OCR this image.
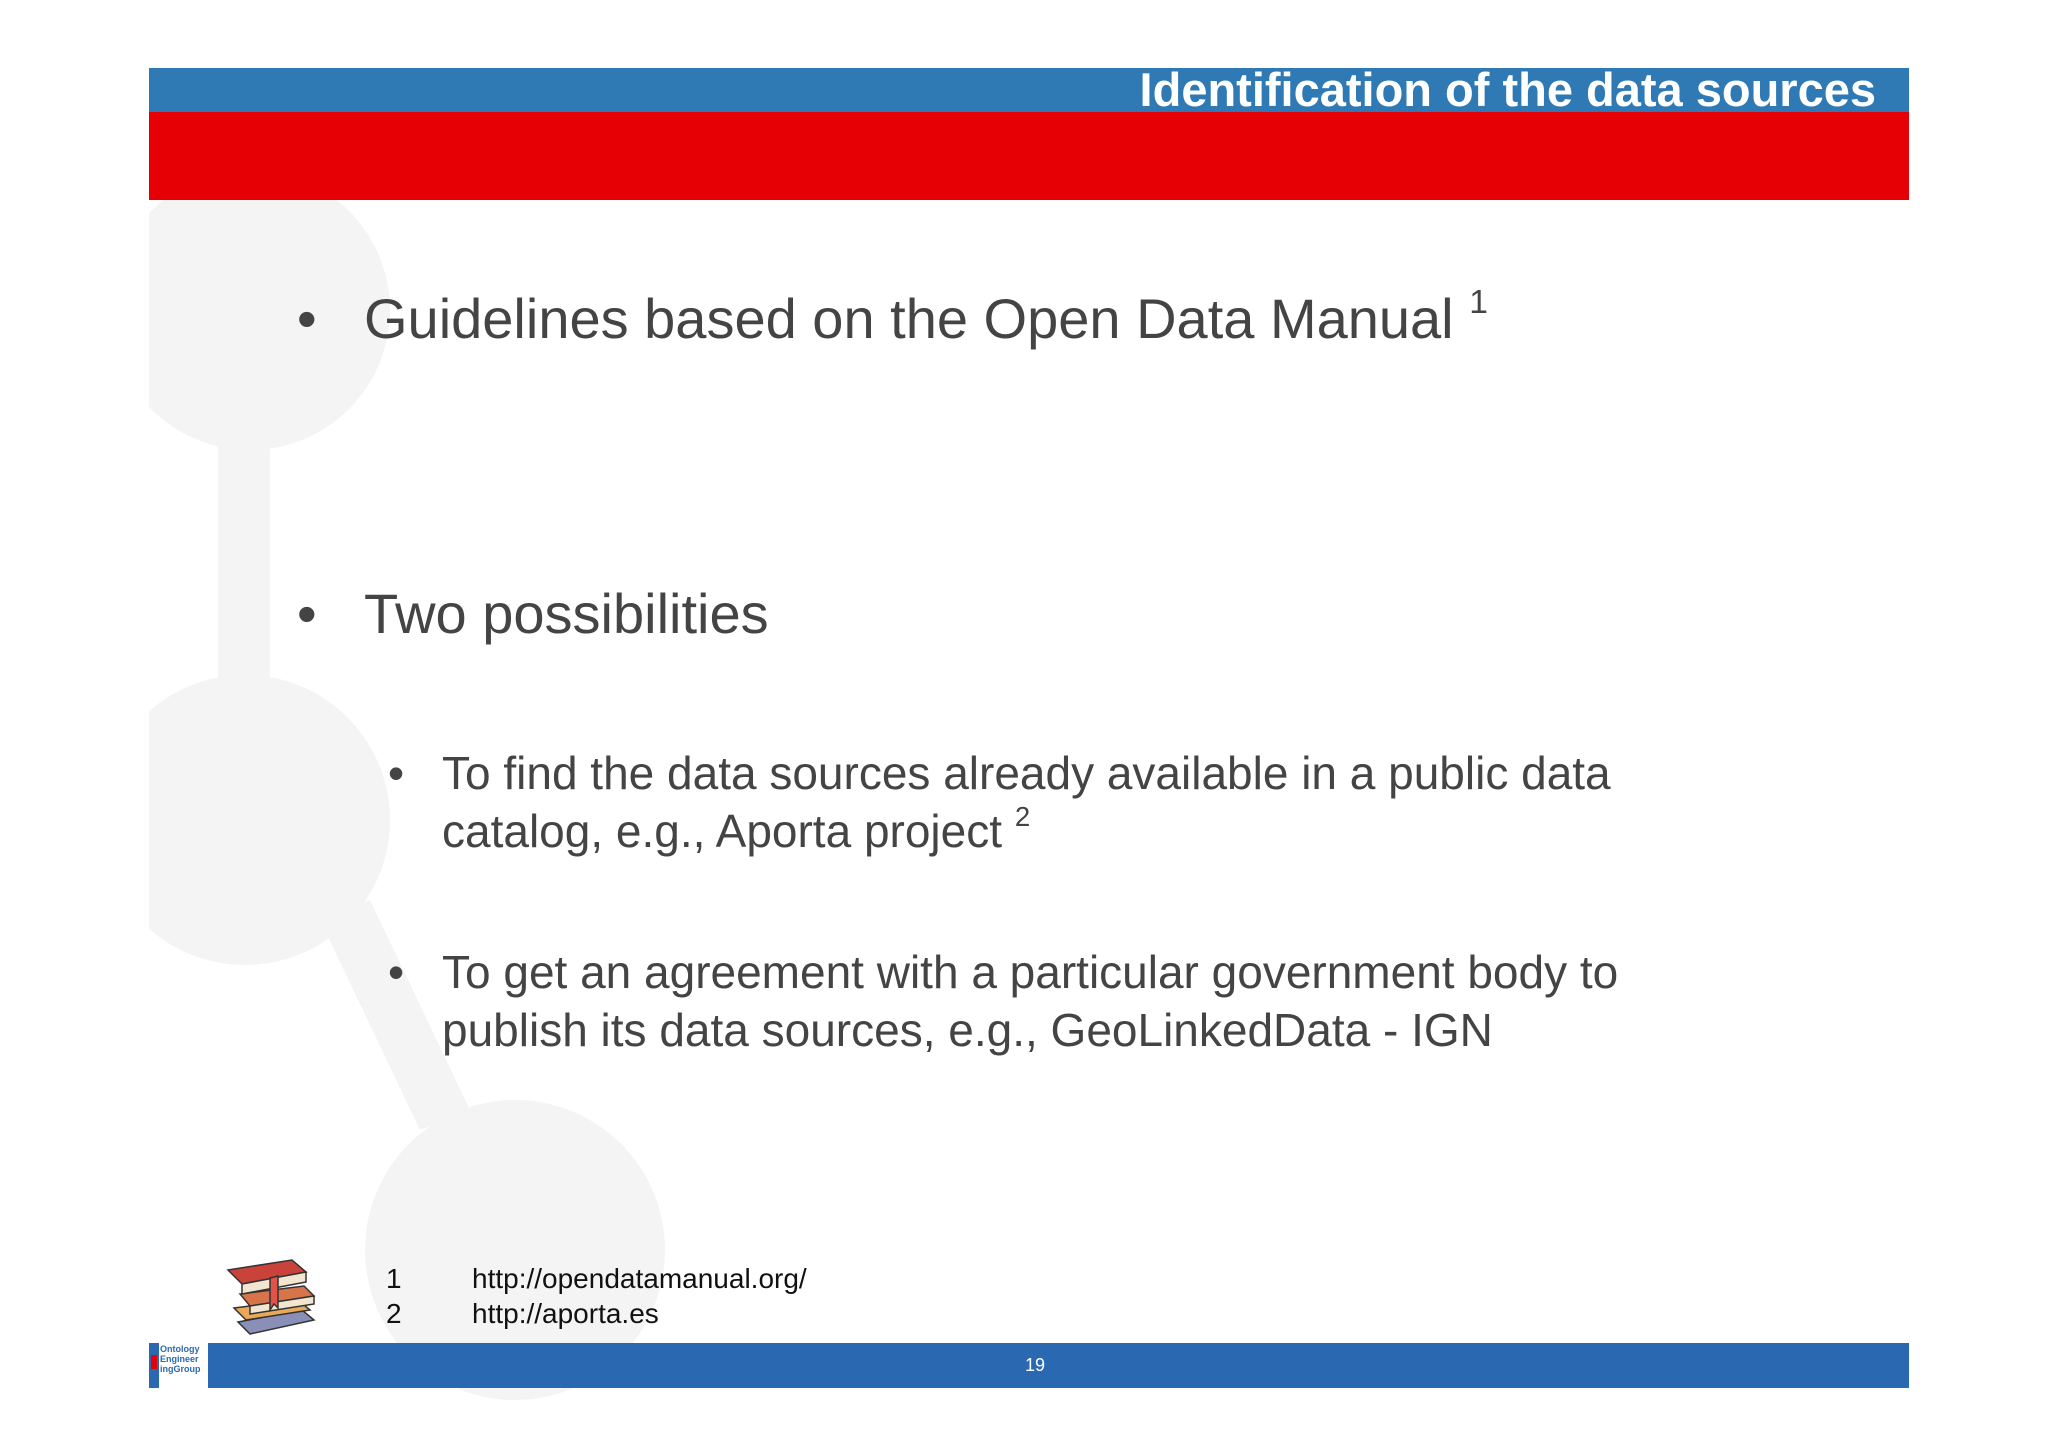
Identification of the data sources
• Guidelines based on the Open Data Manual $^1$
• Two possibilities
• To find the data sources already available in a public data
catalog, e.g., Aporta project $^2$
• To get an agreement with a particular government body to
publish its data sources, e.g., GeoLinkedData - IGN
1	http://opendatamanual.org/
2	http://aporta.es
Ontology Engineer ingGroup	19
